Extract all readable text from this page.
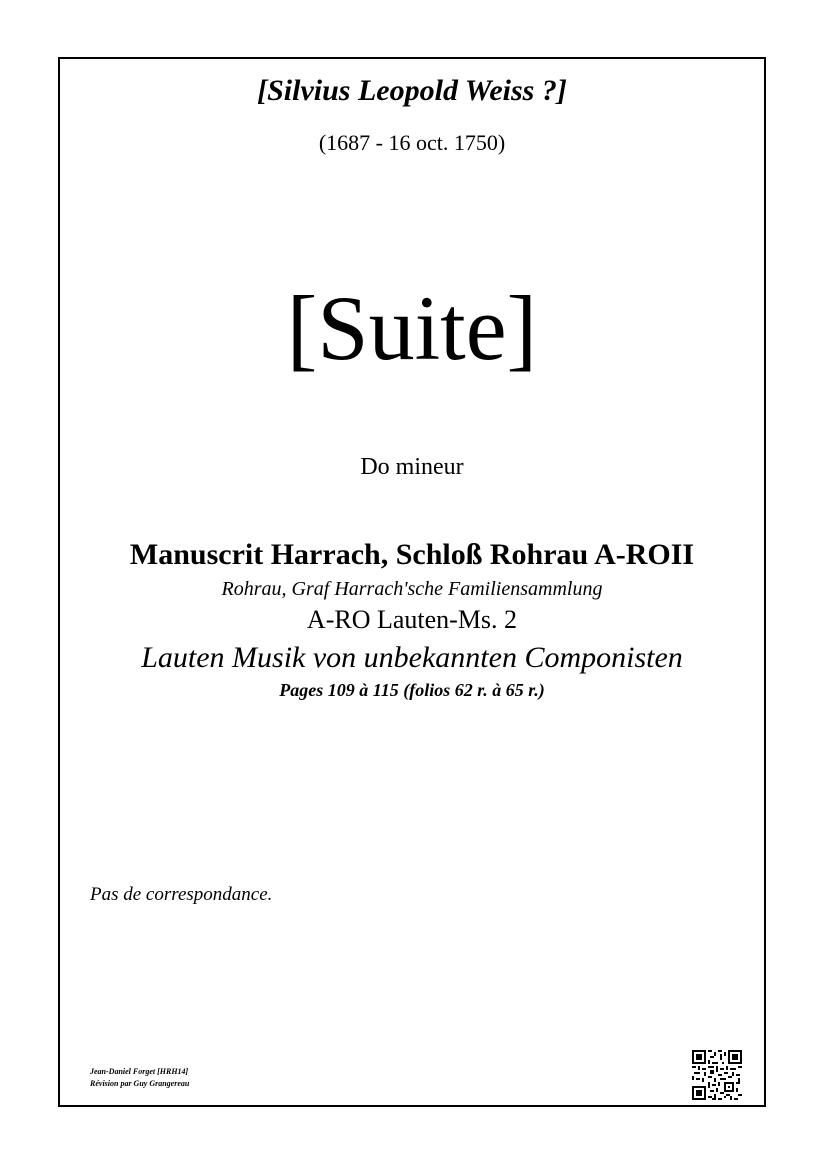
[Silvius Leopold Weiss ?]
(1687 - 16 oct. 1750)
[Suite]
Do mineur
Manuscrit Harrach, Schloß Rohrau A-ROII
Rohrau, Graf Harrach'sche Familiensammlung
A-RO Lauten-Ms. 2
Lauten Musik von unbekannten Componisten
Pages 109 à 115 (folios 62 r. à 65 r.)
Pas de correspondance.
Jean-Daniel Forget [HRH14]
Révision par Guy Grangereau
